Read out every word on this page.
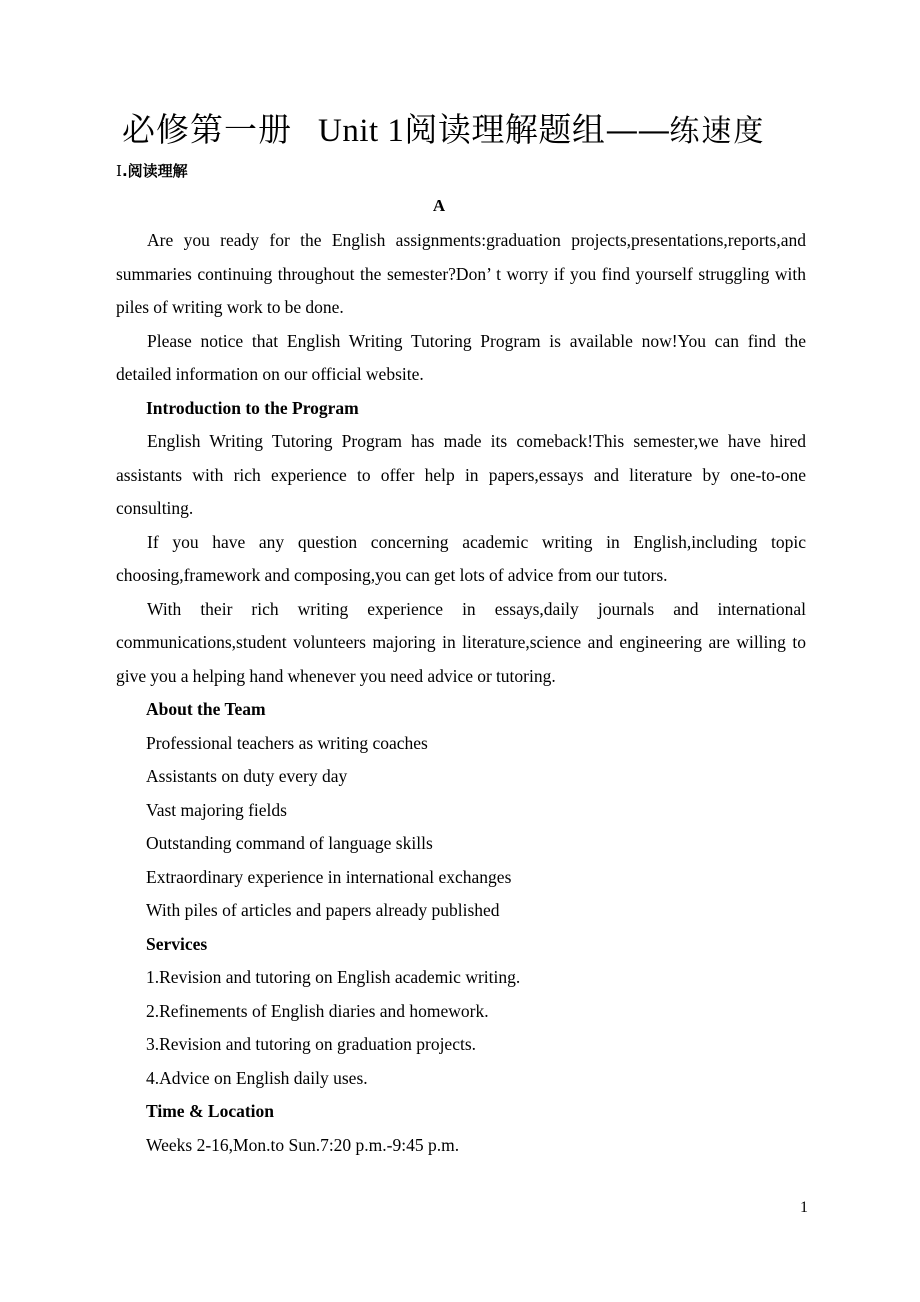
必修第一册 Unit 1阅读理解题组——练速度
Ⅰ.阅读理解
A

Are you ready for the English assignments:graduation projects,presentations,reports,and summaries continuing throughout the semester?Don’ t worry if you find yourself struggling with piles of writing work to be done.

Please notice that English Writing Tutoring Program is available now!You can find the detailed information on our official website.

Introduction to the Program

English Writing Tutoring Program has made its comeback!This semester,we have hired assistants with rich experience to offer help in papers,essays and literature by one-to-one consulting.

If you have any question concerning academic writing in English,including topic choosing,framework and composing,you can get lots of advice from our tutors.

With their rich writing experience in essays,daily journals and international communications,student volunteers majoring in literature,science and engineering are willing to give you a helping hand whenever you need advice or tutoring.

About the Team
Professional teachers as writing coaches
Assistants on duty every day
Vast majoring fields
Outstanding command of language skills
Extraordinary experience in international exchanges
With piles of articles and papers already published
Services
1.Revision and tutoring on English academic writing.
2.Refinements of English diaries and homework.
3.Revision and tutoring on graduation projects.
4.Advice on English daily uses.
Time & Location
Weeks 2-16,Mon.to Sun.7:20 p.m.-9:45 p.m.
1
